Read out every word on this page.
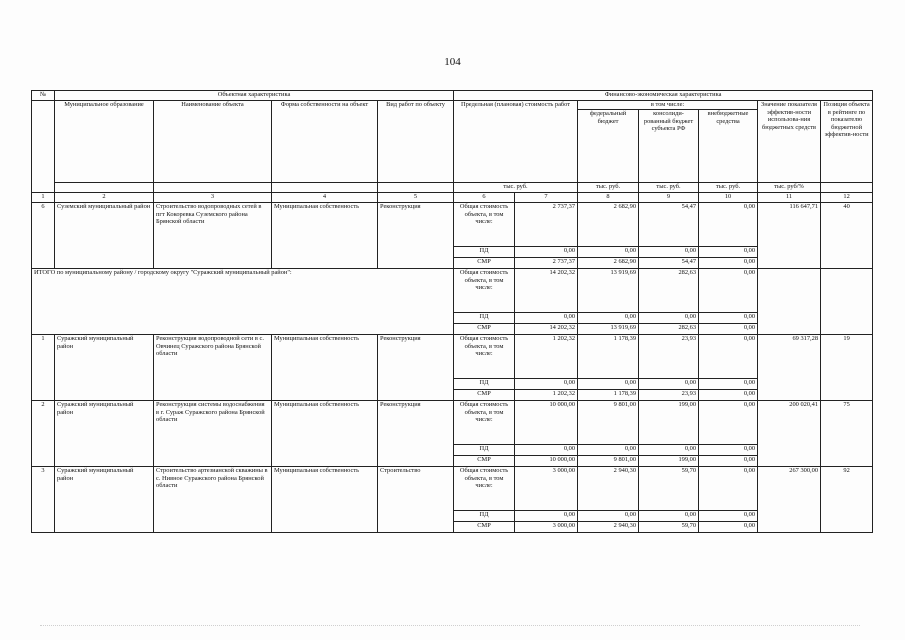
104
№	Объектная характеристика				Финансово-экономическая характеристика						
	Муниципальное образование	Наименование объекта	Форма собственности на объект	Вид работ по объекту	Предельная (плановая) стоимость работ		в том числе:			Значение показателя эффектив-ности использова-ния бюджетных средств	Позиция объекта в рейтинге по показателю бюджетной эффектив-ности
							федеральный бюджет	консолиди-рованный бюджет субъекта РФ	внебюджетные средства		
					тыс. руб.		тыс. руб.	тыс. руб.	тыс. руб.	тыс. руб/%	
1	2	3	4	5	6	7	8	9	10	11	12
6	Суземский муниципальный район	Строительство водопроводных сетей в пгт Кокоревка Суземского района Брянской области	Муниципальная собственность	Реконструкция	Общая стоимость объекта, в том числе:	2 737,37	2 682,90	54,47	0,00	116 647,71	40
					ПД	0,00	0,00	0,00	0,00		
					СМР	2 737,37	2 682,90	54,47	0,00		
ИТОГО по муниципальному району / городскому округу "Суражский муниципальный район":					Общая стоимость объекта, в том числе:	14 202,32	13 919,69	282,63	0,00		
					ПД	0,00	0,00	0,00	0,00		
					СМР	14 202,32	13 919,69	282,63	0,00		
1	Суражский муниципальный район	Реконструкция водопроводной сети в с. Овчинец Суражского района Брянской области	Муниципальная собственность	Реконструкция	Общая стоимость объекта, в том числе:	1 202,32	1 178,39	23,93	0,00	69 317,28	19
					ПД	0,00	0,00	0,00	0,00		
					СМР	1 202,32	1 178,39	23,93	0,00		
2	Суражский муниципальный район	Реконструкция системы водоснабжения в г. Сураж Суражского района Брянской области	Муниципальная собственность	Реконструкция	Общая стоимость объекта, в том числе:	10 000,00	9 801,00	199,00	0,00	200 020,41	75
					ПД	0,00	0,00	0,00	0,00		
					СМР	10 000,00	9 801,00	199,00	0,00		
3	Суражский муниципальный район	Строительство артезианской скважины в с. Нивное Суражского района Брянской области	Муниципальная собственность	Строительство	Общая стоимость объекта, в том числе:	3 000,00	2 940,30	59,70	0,00	267 300,00	92
					ПД	0,00	0,00	0,00	0,00		
					СМР	3 000,00	2 940,30	59,70	0,00		
